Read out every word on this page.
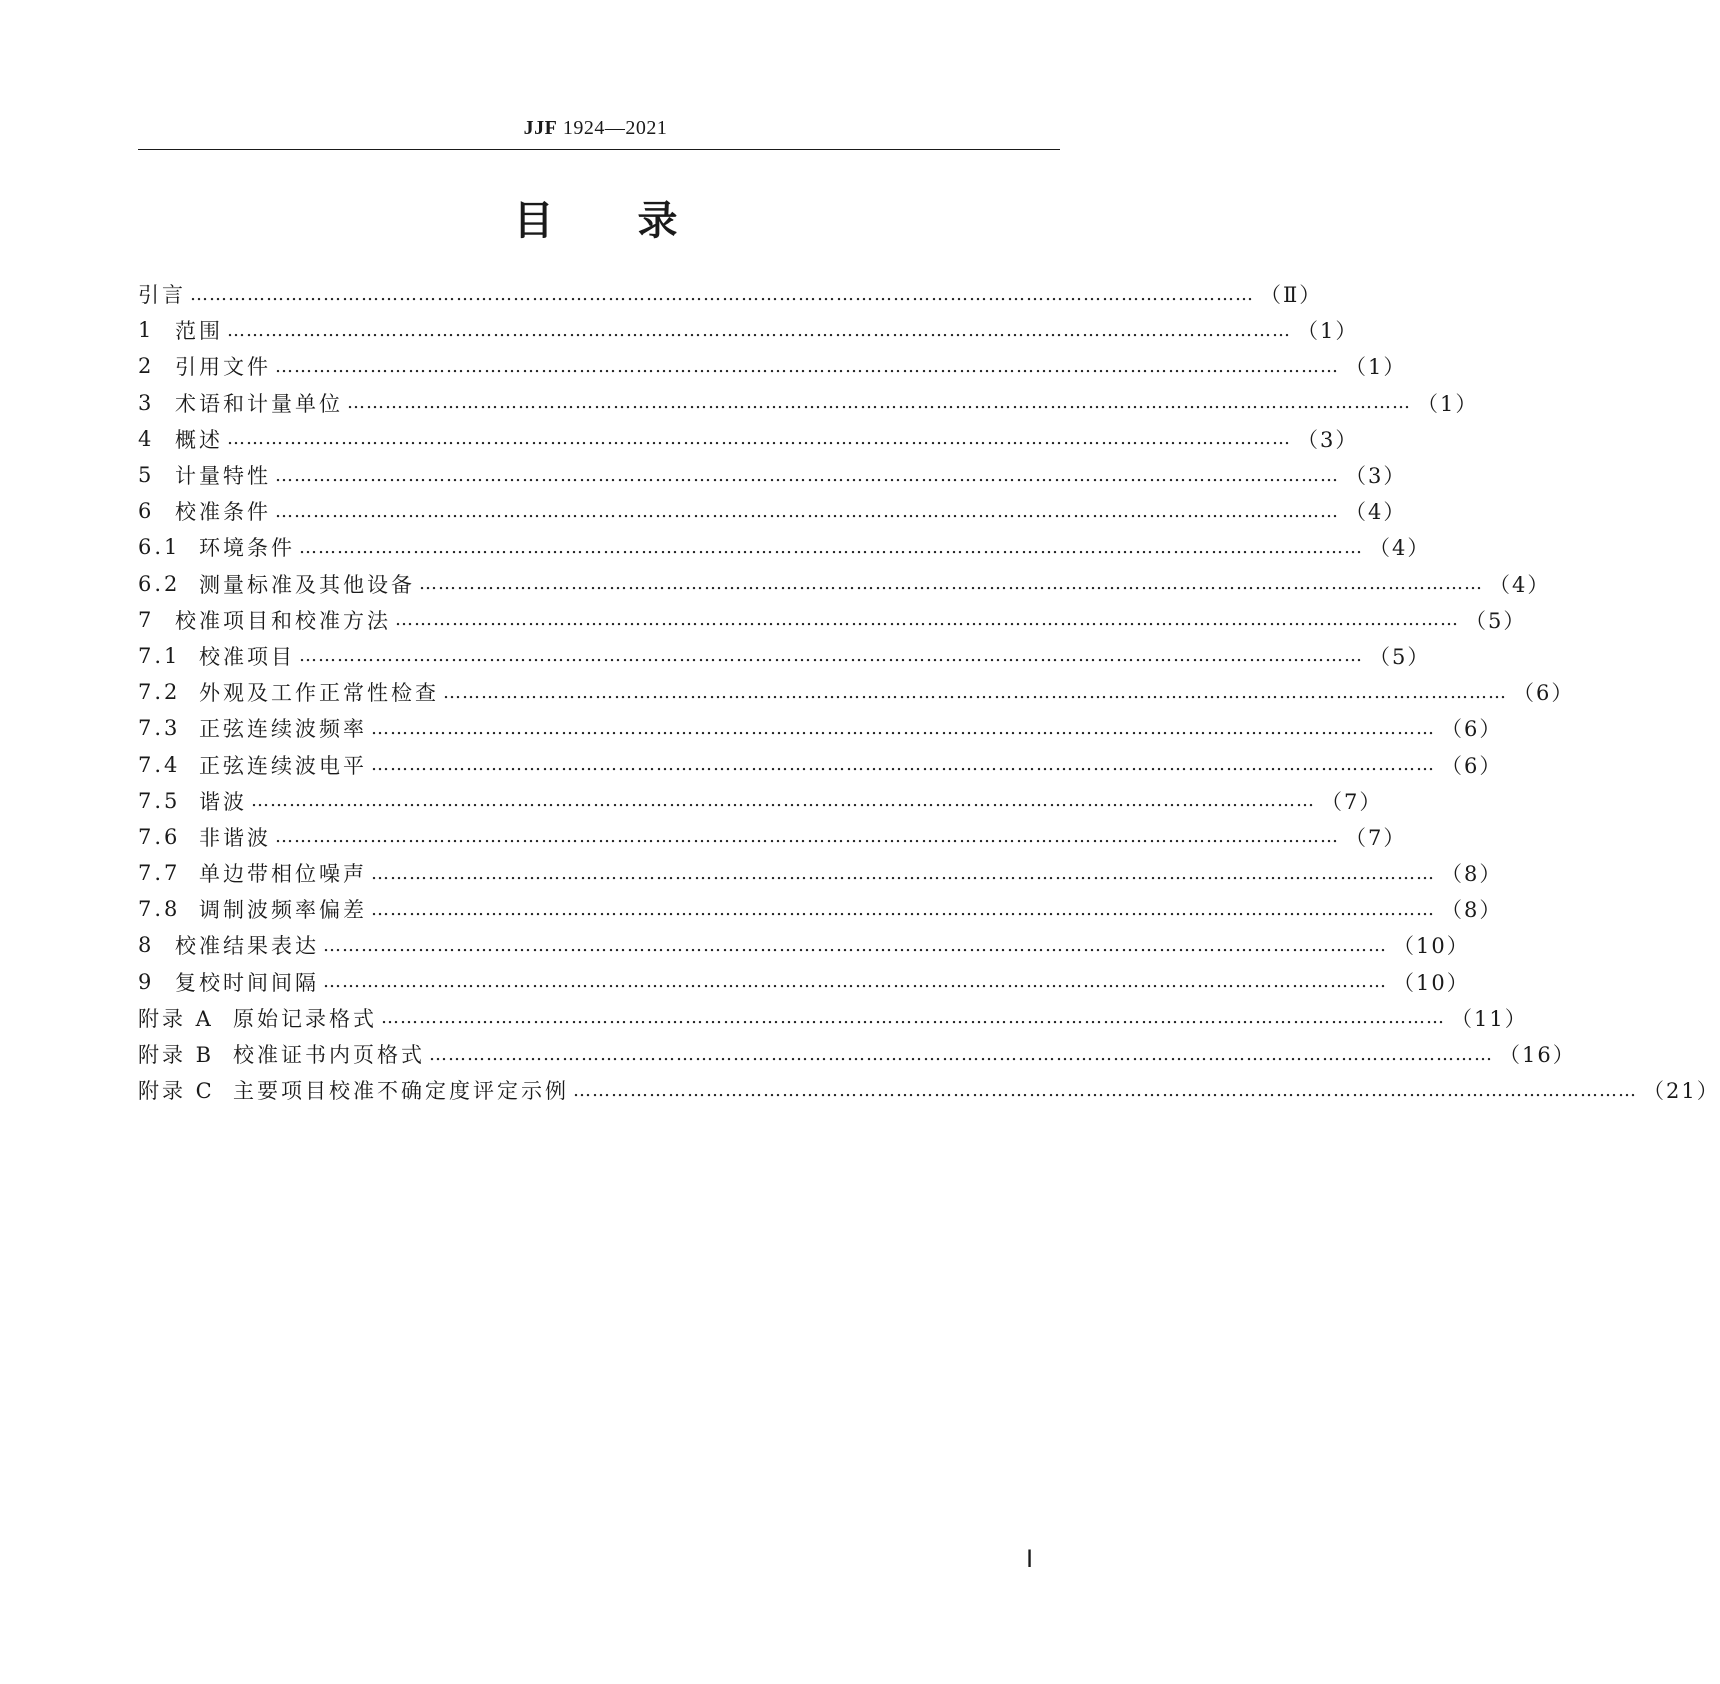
JJF 1924—2021
目录
引言 …………………………………………………………………………………………………………………………………………………… （Ⅱ）
1 范围 …………………………………………………………………………………………………………………………………………………… （1）
2 引用文件 …………………………………………………………………………………………………………………………………………………… （1）
3 术语和计量单位 …………………………………………………………………………………………………………………………………………………… （1）
4 概述 …………………………………………………………………………………………………………………………………………………… （3）
5 计量特性 …………………………………………………………………………………………………………………………………………………… （3）
6 校准条件 …………………………………………………………………………………………………………………………………………………… （4）
6.1 环境条件 …………………………………………………………………………………………………………………………………………………… （4）
6.2 测量标准及其他设备 …………………………………………………………………………………………………………………………………………………… （4）
7 校准项目和校准方法 …………………………………………………………………………………………………………………………………………………… （5）
7.1 校准项目 …………………………………………………………………………………………………………………………………………………… （5）
7.2 外观及工作正常性检查 …………………………………………………………………………………………………………………………………………………… （6）
7.3 正弦连续波频率 …………………………………………………………………………………………………………………………………………………… （6）
7.4 正弦连续波电平 …………………………………………………………………………………………………………………………………………………… （6）
7.5 谐波 …………………………………………………………………………………………………………………………………………………… （7）
7.6 非谐波 …………………………………………………………………………………………………………………………………………………… （7）
7.7 单边带相位噪声 …………………………………………………………………………………………………………………………………………………… （8）
7.8 调制波频率偏差 …………………………………………………………………………………………………………………………………………………… （8）
8 校准结果表达 …………………………………………………………………………………………………………………………………………………… （10）
9 复校时间间隔 …………………………………………………………………………………………………………………………………………………… （10）
附录 A 原始记录格式 …………………………………………………………………………………………………………………………………………………… （11）
附录 B 校准证书内页格式 …………………………………………………………………………………………………………………………………………………… （16）
附录 C 主要项目校准不确定度评定示例 …………………………………………………………………………………………………………………………………………………… （21）
Ⅰ
